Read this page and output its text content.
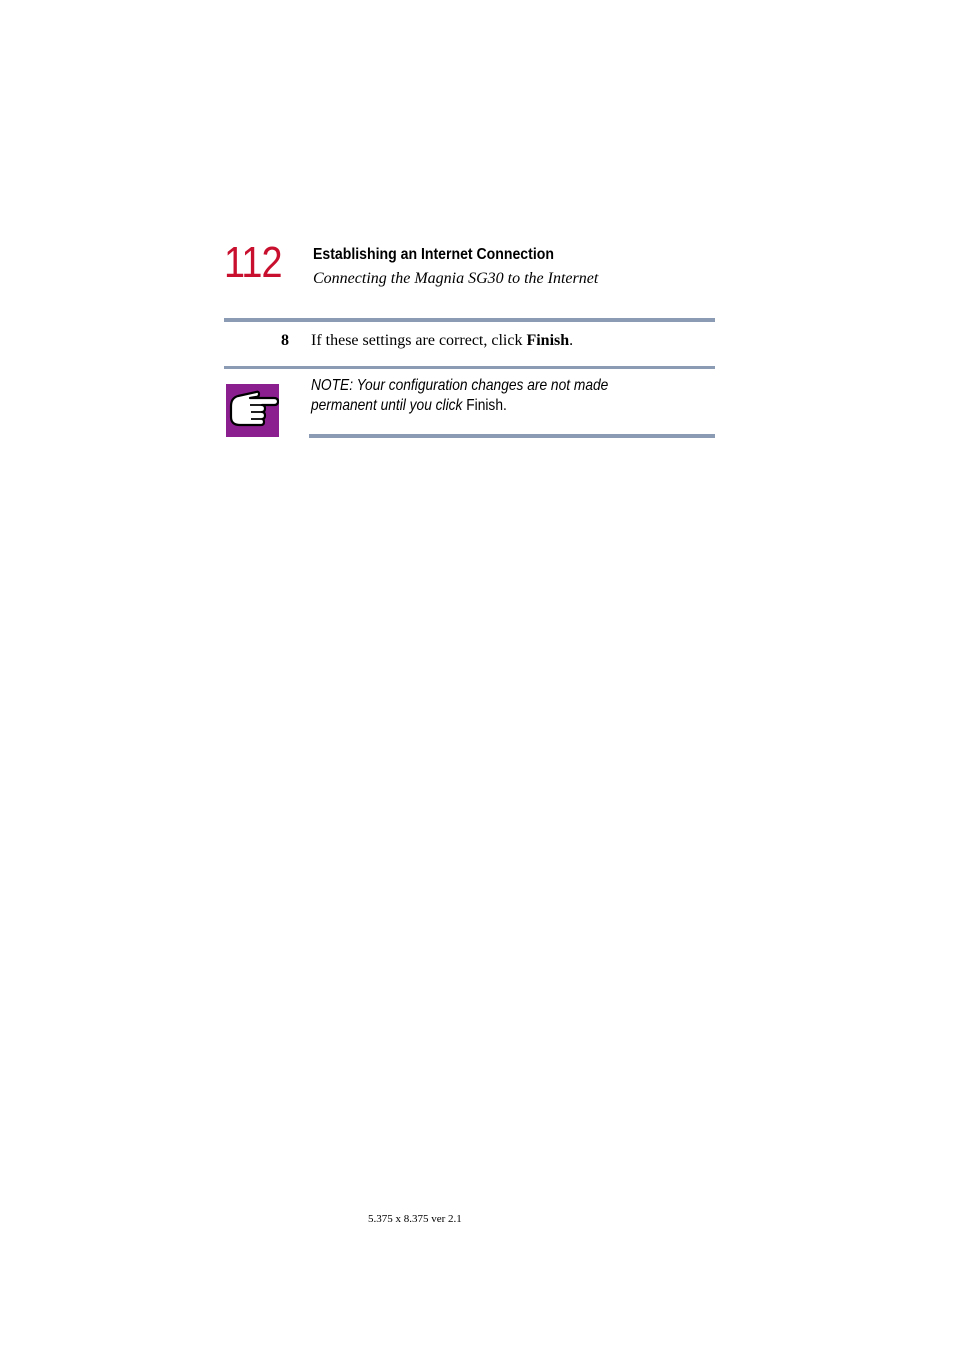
112 Establishing an Internet Connection
Connecting the Magnia SG30 to the Internet
8 If these settings are correct, click Finish.
NOTE: Your configuration changes are not made permanent until you click Finish.
5.375 x 8.375 ver 2.1
